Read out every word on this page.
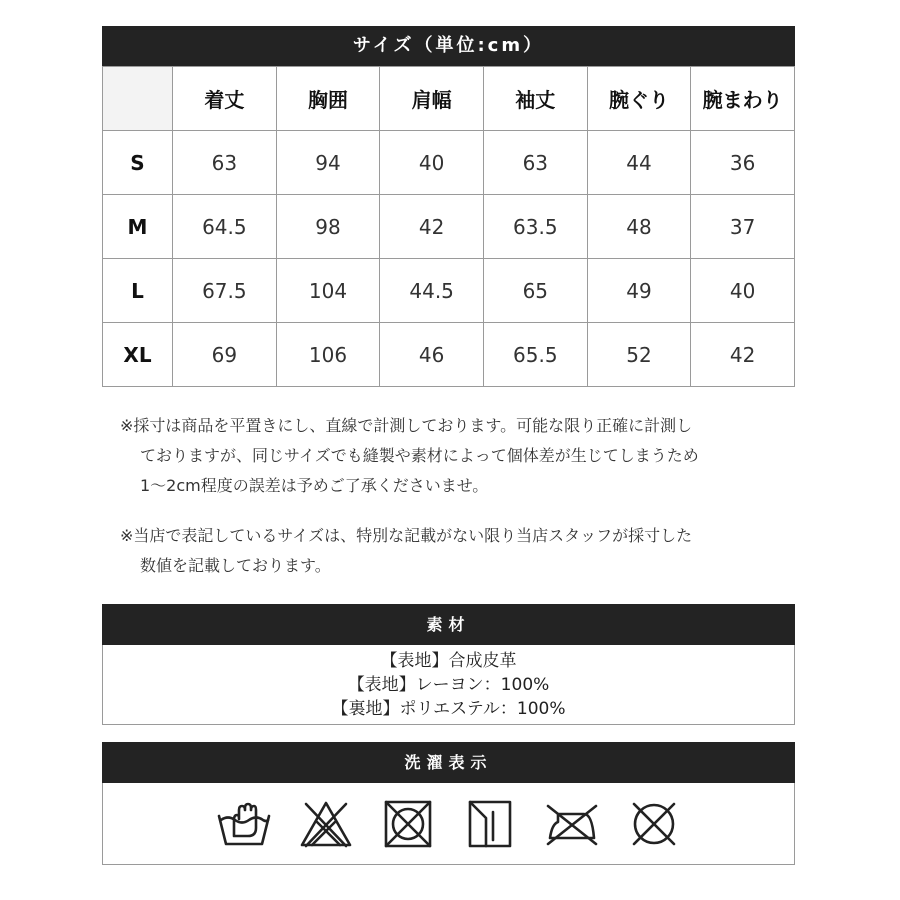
サイズ（単位:cm）
	着丈	胸囲	肩幅	袖丈	腕ぐり	腕まわり
S	63	94	40	63	44	36
M	64.5	98	42	63.5	48	37
L	67.5	104	44.5	65	49	40
XL	69	106	46	65.5	52	42

※採寸は商品を平置きにし、直線で計測しております。可能な限り正確に計測し

ておりますが、同じサイズでも縫製や素材によって個体差が生じてしまうため

1〜2cm程度の誤差は予めご了承くださいませ。

※当店で表記しているサイズは、特別な記載がない限り当店スタッフが採寸した

数値を記載しております。

素材
【表地】合成皮革
【表地】レーヨン：100%
【裏地】ポリエステル：100%
洗濯表示
